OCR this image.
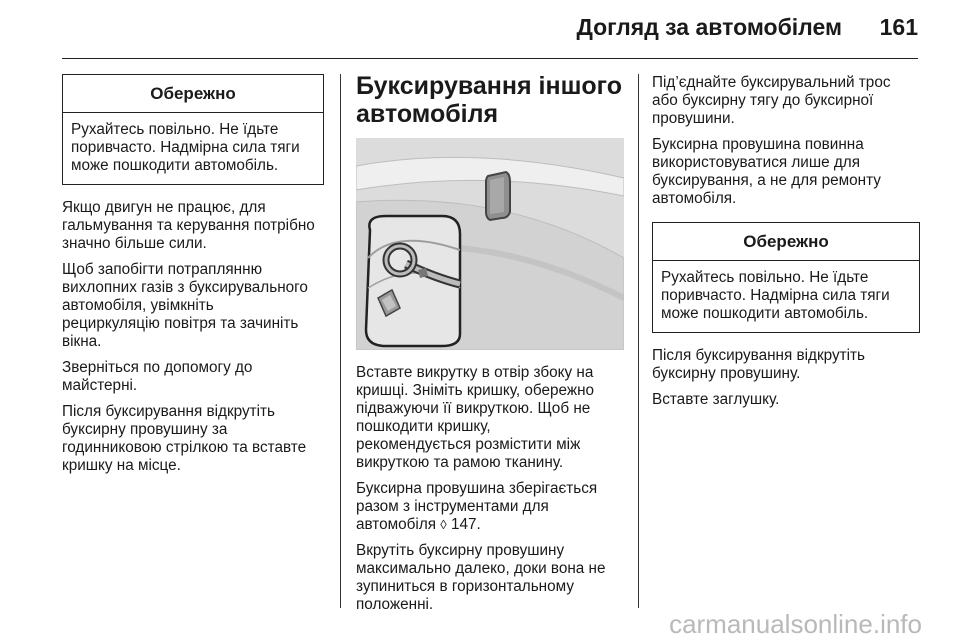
Догляд за автомобілем 161
Обережно
Рухайтесь повільно. Не їдьте
поривчасто. Надмірна сила тяги
може пошкодити автомобіль.

Якщо двигун не працює, для
гальмування та керування потрібно
значно більше сили.

Щоб запобігти потраплянню
вихлопних газів з буксирувального
автомобіля, увімкніть
рециркуляцію повітря та зачиніть
вікна.

Зверніться по допомогу до
майстерні.

Після буксирування відкрутіть
буксирну провушину за
годинниковою стрілкою та вставте
кришку на місце.

Буксирування іншого
автомобіля

Вставте викрутку в отвір збоку на
кришці. Зніміть кришку, обережно
підважуючи її викруткою. Щоб не
пошкодити кришку,
рекомендується розмістити між
викруткою та рамою тканину.

Буксирна провушина зберігається
разом з інструментами для
автомобіля ◊ 147.

Вкрутіть буксирну провушину
максимально далеко, доки вона не
зупиниться в горизонтальному
положенні.

Під’єднайте буксирувальний трос
або буксирну тягу до буксирної
провушини.

Буксирна провушина повинна
використовуватися лише для
буксирування, а не для ремонту
автомобіля.

Обережно
Рухайтесь повільно. Не їдьте
поривчасто. Надмірна сила тяги
може пошкодити автомобіль.

Після буксирування відкрутіть
буксирну провушину.

Вставте заглушку.

carmanualsonline.info
